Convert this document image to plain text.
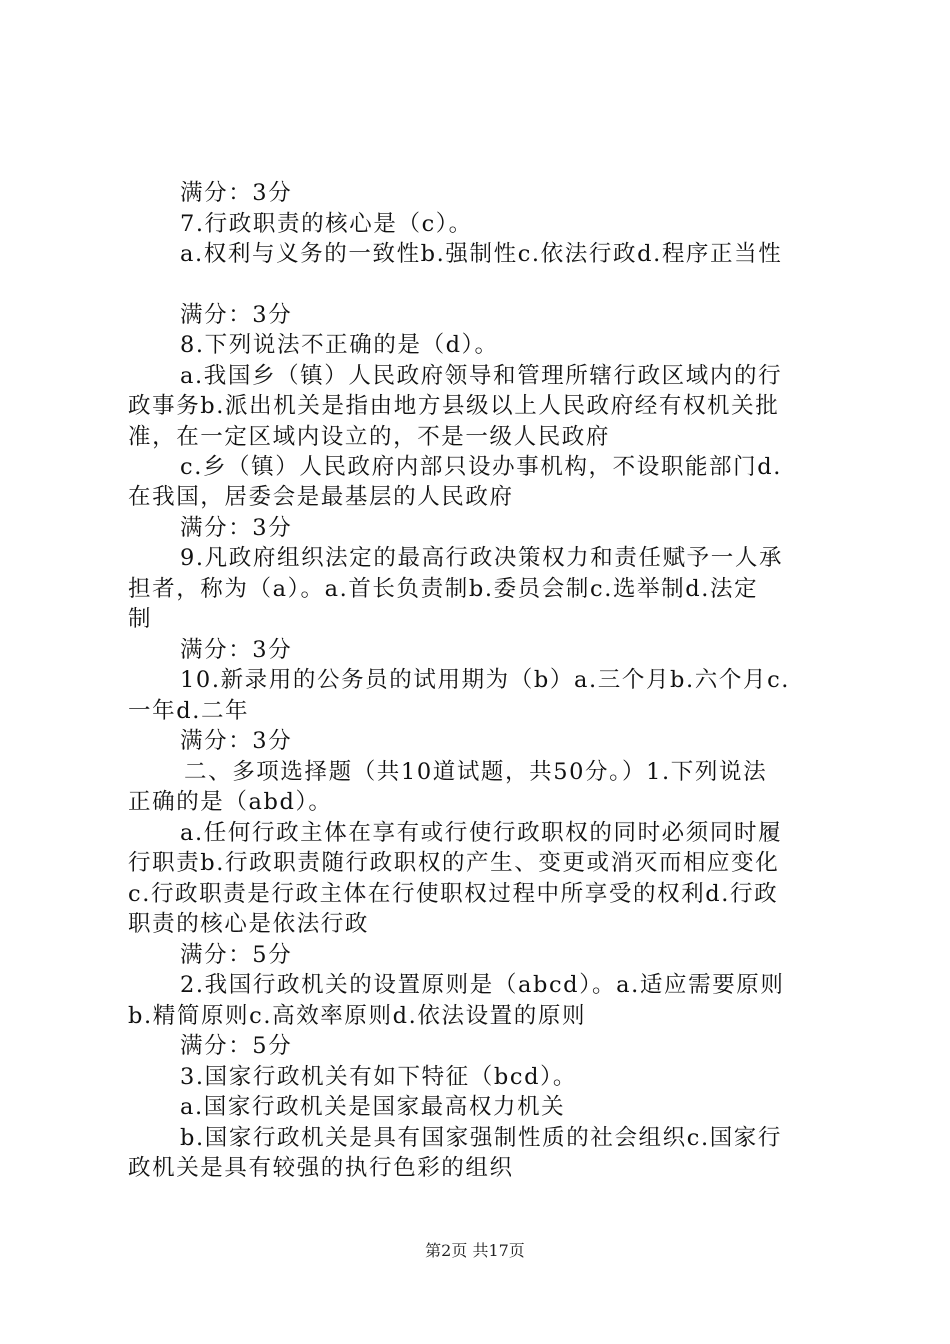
满分：3分
7.行政职责的核心是（c）。
a.权利与义务的一致性b.强制性c.依法行政d.程序正当性
满分：3分
8.下列说法不正确的是（d）。
a.我国乡（镇）人民政府领导和管理所辖行政区域内的行
政事务b.派出机关是指由地方县级以上人民政府经有权机关批
准，在一定区域内设立的，不是一级人民政府
c.乡（镇）人民政府内部只设办事机构，不设职能部门d.
在我国，居委会是最基层的人民政府
满分：3分
9.凡政府组织法定的最高行政决策权力和责任赋予一人承
担者，称为（a）。a.首长负责制b.委员会制c.选举制d.法定
制
满分：3分
10.新录用的公务员的试用期为（b）a.三个月b.六个月c.
一年d.二年
满分：3分
二、多项选择题（共10道试题，共50分。）1.下列说法
正确的是（abd）。
a.任何行政主体在享有或行使行政职权的同时必须同时履
行职责b.行政职责随行政职权的产生、变更或消灭而相应变化
c.行政职责是行政主体在行使职权过程中所享受的权利d.行政
职责的核心是依法行政
满分：5分
2.我国行政机关的设置原则是（abcd）。a.适应需要原则
b.精简原则c.高效率原则d.依法设置的原则
满分：5分
3.国家行政机关有如下特征（bcd）。
a.国家行政机关是国家最高权力机关
b.国家行政机关是具有国家强制性质的社会组织c.国家行
政机关是具有较强的执行色彩的组织
第2页 共17页
